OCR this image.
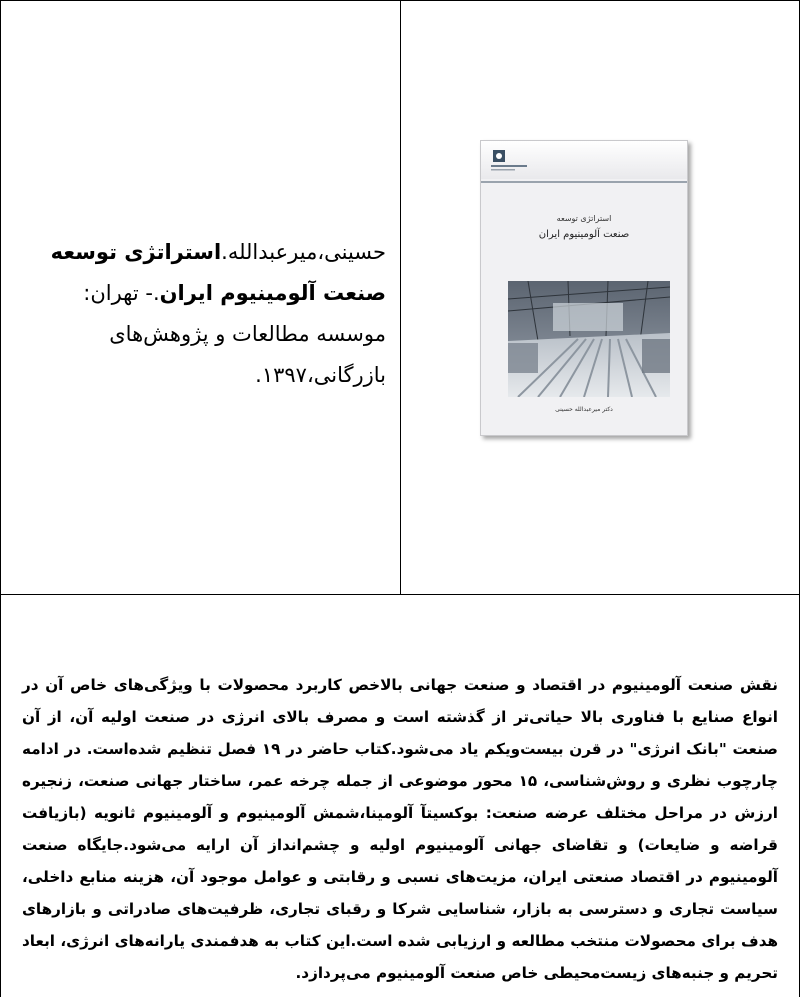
حسینی،میرعبدالله.استراتژی توسعه صنعت آلومینیوم ایران.- تهران: موسسه مطالعات و پژوهش‌های بازرگانی،۱۳۹۷.
استراتژی توسعه
صنعت آلومینیوم ایران
دکتر میرعبدالله حسینی
نقش صنعت آلومینیوم در اقتصاد و صنعت جهانی بالاخص کاربرد محصولات با ویژگی‌های خاص آن در انواع صنایع با فناوری بالا حیاتی‌تر از گذشته است و مصرف بالای انرژی در صنعت اولیه آن، از آن صنعت "بانک انرژی" در قرن بیست‌ویکم یاد می‌شود.کتاب حاضر در ۱۹ فصل تنظیم شده‌است. در ادامه چارچوب نظری و روش‌شناسی، ۱۵ محور موضوعی از جمله چرخه عمر، ساختار جهانی صنعت، زنجیره ارزش در مراحل مختلف عرضه صنعت: بوکسیتآ آلومینا،شمش آلومینیوم و آلومینیوم ثانویه (بازیافت قراضه و ضایعات) و تقاضای جهانی آلومینیوم اولیه و چشم‌انداز آن ارایه می‌شود.جایگاه صنعت آلومینیوم در اقتصاد صنعتی ایران، مزیت‌های نسبی و رقابتی و عوامل موجود آن، هزینه منابع داخلی، سیاست تجاری و دسترسی به بازار، شناسایی شرکا و رقبای تجاری، ظرفیت‌های صادراتی و بازارهای هدف برای محصولات منتخب مطالعه و ارزیابی شده است.این کتاب به هدفمندی یارانه‌های انرژی، ابعاد تحریم و جنبه‌های زیست‌محیطی خاص صنعت آلومینیوم می‌پردازد.
